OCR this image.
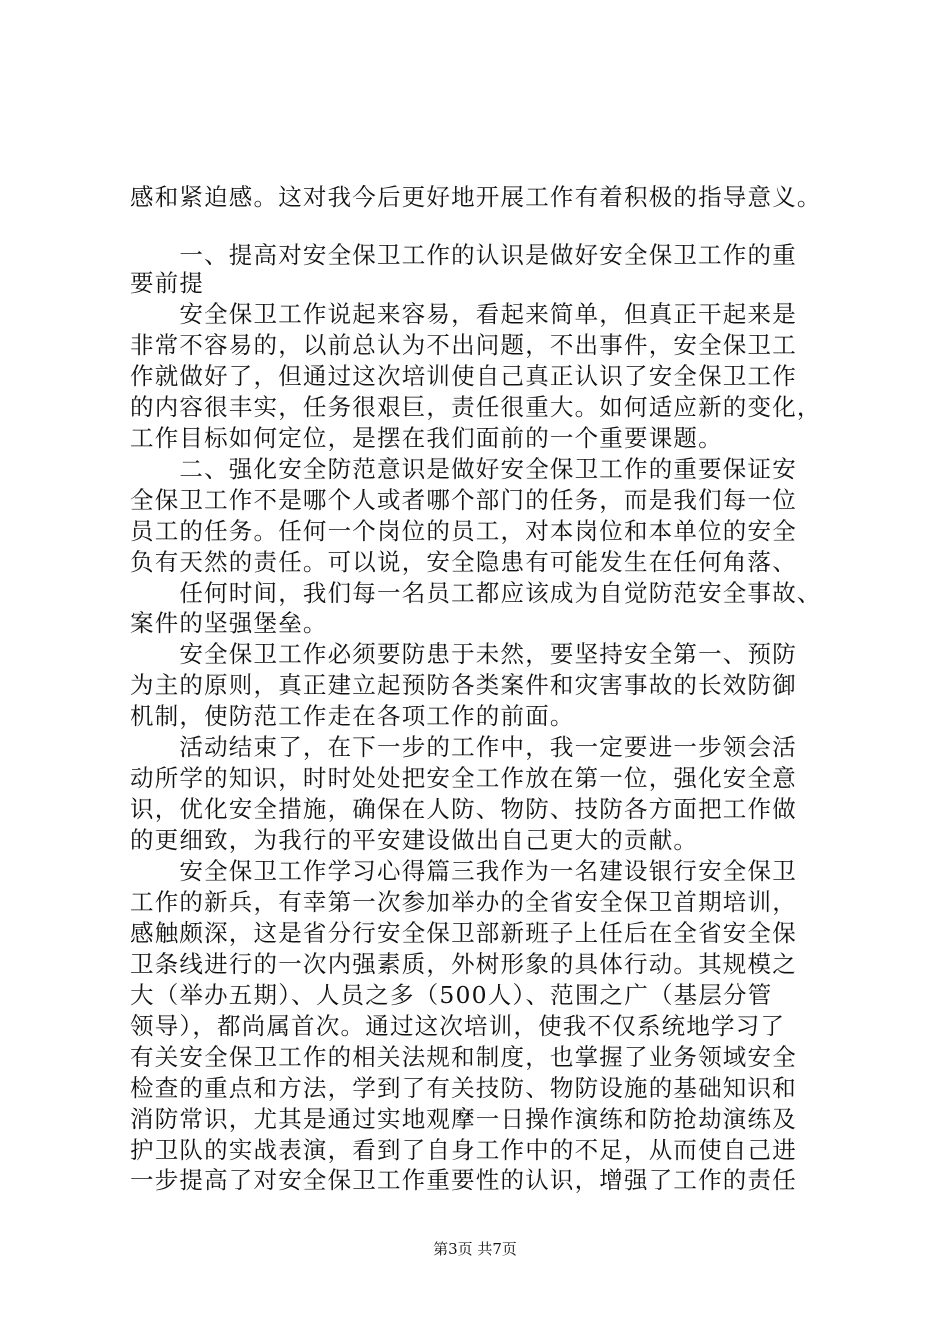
感和紧迫感。这对我今后更好地开展工作有着积极的指导意义。
　　一、提高对安全保卫工作的认识是做好安全保卫工作的重
要前提
　　安全保卫工作说起来容易，看起来简单，但真正干起来是
非常不容易的，以前总认为不出问题，不出事件，安全保卫工
作就做好了，但通过这次培训使自己真正认识了安全保卫工作
的内容很丰实，任务很艰巨，责任很重大。如何适应新的变化，
工作目标如何定位，是摆在我们面前的一个重要课题。
　　二、强化安全防范意识是做好安全保卫工作的重要保证安
全保卫工作不是哪个人或者哪个部门的任务，而是我们每一位
员工的任务。任何一个岗位的员工，对本岗位和本单位的安全
负有天然的责任。可以说，安全隐患有可能发生在任何角落、
　　任何时间，我们每一名员工都应该成为自觉防范安全事故、
案件的坚强堡垒。
　　安全保卫工作必须要防患于未然，要坚持安全第一、预防
为主的原则，真正建立起预防各类案件和灾害事故的长效防御
机制，使防范工作走在各项工作的前面。
　　活动结束了，在下一步的工作中，我一定要进一步领会活
动所学的知识，时时处处把安全工作放在第一位，强化安全意
识，优化安全措施，确保在人防、物防、技防各方面把工作做
的更细致，为我行的平安建设做出自己更大的贡献。
　　安全保卫工作学习心得篇三我作为一名建设银行安全保卫
工作的新兵，有幸第一次参加举办的全省安全保卫首期培训，
感触颇深，这是省分行安全保卫部新班子上任后在全省安全保
卫条线进行的一次内强素质，外树形象的具体行动。其规模之
大（举办五期）、人员之多（500人）、范围之广（基层分管
领导），都尚属首次。通过这次培训，使我不仅系统地学习了
有关安全保卫工作的相关法规和制度，也掌握了业务领域安全
检查的重点和方法，学到了有关技防、物防设施的基础知识和
消防常识，尤其是通过实地观摩一日操作演练和防抢劫演练及
护卫队的实战表演，看到了自身工作中的不足，从而使自己进
一步提高了对安全保卫工作重要性的认识，增强了工作的责任
第3页 共7页
